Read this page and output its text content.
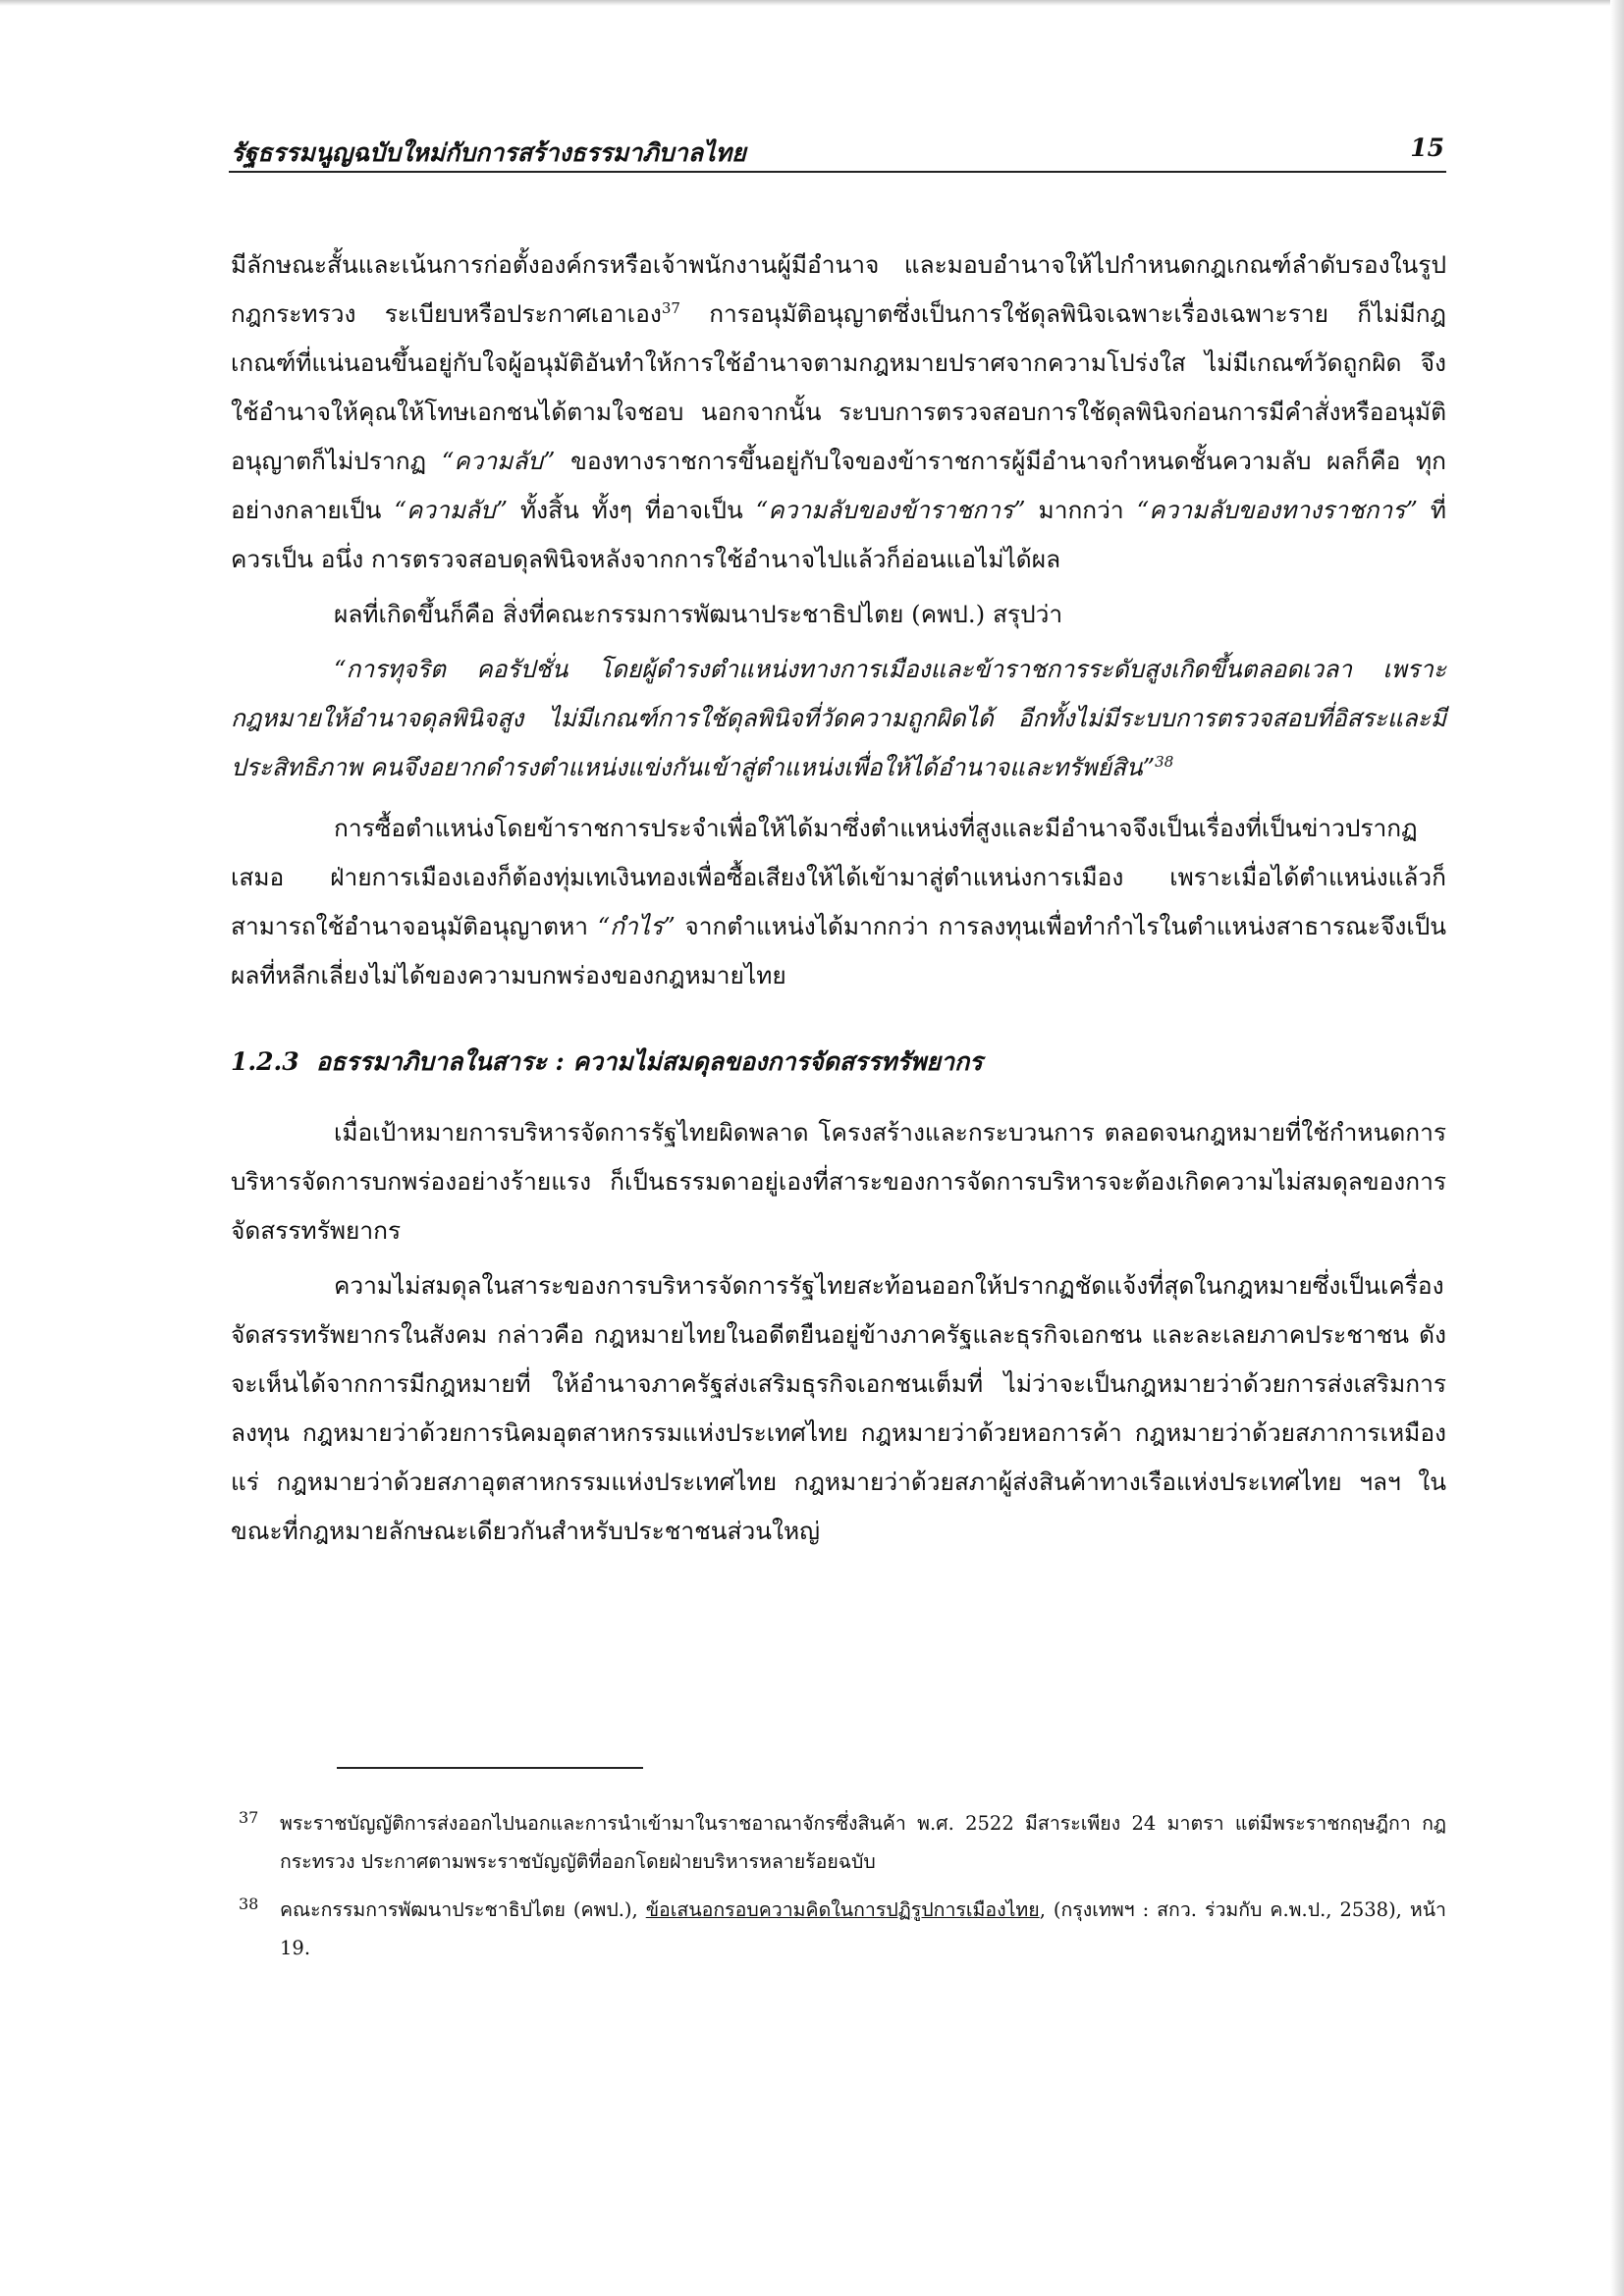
รัฐธรรมนูญฉบับใหม่กับการสร้างธรรมาภิบาลไทย	15

มีลักษณะสั้นและเน้นการก่อตั้งองค์กรหรือเจ้าพนักงานผู้มีอำนาจ และมอบอำนาจให้ไปกำหนดกฎเกณฑ์ลำดับรองในรูปกฎกระทรวง ระเบียบหรือประกาศเอาเอง$^{37}$ การอนุมัติอนุญาตซึ่งเป็นการใช้ดุลพินิจเฉพาะเรื่องเฉพาะราย ก็ไม่มีกฎเกณฑ์ที่แน่นอนขึ้นอยู่กับใจผู้อนุมัติอันทำให้การใช้อำนาจตามกฎหมายปราศจากความโปร่งใส ไม่มีเกณฑ์วัดถูกผิด จึงใช้อำนาจให้คุณให้โทษเอกชนได้ตามใจชอบ นอกจากนั้น ระบบการตรวจสอบการใช้ดุลพินิจก่อนการมีคำสั่งหรืออนุมัติ อนุญาตก็ไม่ปรากฏ “ความลับ” ของทางราชการขึ้นอยู่กับใจของข้าราชการผู้มีอำนาจกำหนดชั้นความลับ ผลก็คือ ทุกอย่างกลายเป็น “ความลับ” ทั้งสิ้น ทั้งๆ ที่อาจเป็น “ความลับของข้าราชการ” มากกว่า “ความลับของทางราชการ” ที่ควรเป็น อนึ่ง การตรวจสอบดุลพินิจหลังจากการใช้อำนาจไปแล้วก็อ่อนแอไม่ได้ผล

ผลที่เกิดขึ้นก็คือ สิ่งที่คณะกรรมการพัฒนาประชาธิปไตย (คพป.) สรุปว่า

“การทุจริต คอรัปชั่น โดยผู้ดำรงตำแหน่งทางการเมืองและข้าราชการระดับสูงเกิดขึ้นตลอดเวลา เพราะกฎหมายให้อำนาจดุลพินิจสูง ไม่มีเกณฑ์การใช้ดุลพินิจที่วัดความถูกผิดได้ อีกทั้งไม่มีระบบการตรวจสอบที่อิสระและมีประสิทธิภาพ คนจึงอยากดำรงตำแหน่งแข่งกันเข้าสู่ตำแหน่งเพื่อให้ได้อำนาจและทรัพย์สิน”$^{38}$

การซื้อตำแหน่งโดยข้าราชการประจำเพื่อให้ได้มาซึ่งตำแหน่งที่สูงและมีอำนาจจึงเป็นเรื่องที่เป็นข่าวปรากฏเสมอ ฝ่ายการเมืองเองก็ต้องทุ่มเทเงินทองเพื่อซื้อเสียงให้ได้เข้ามาสู่ตำแหน่งการเมือง เพราะเมื่อได้ตำแหน่งแล้วก็สามารถใช้อำนาจอนุมัติอนุญาตหา “กำไร” จากตำแหน่งได้มากกว่า การลงทุนเพื่อทำกำไรในตำแหน่งสาธารณะจึงเป็นผลที่หลีกเลี่ยงไม่ได้ของความบกพร่องของกฎหมายไทย

1.2.3 อธรรมาภิบาลในสาระ : ความไม่สมดุลของการจัดสรรทรัพยากร

เมื่อเป้าหมายการบริหารจัดการรัฐไทยผิดพลาด โครงสร้างและกระบวนการ ตลอดจนกฎหมายที่ใช้กำหนดการบริหารจัดการบกพร่องอย่างร้ายแรง ก็เป็นธรรมดาอยู่เองที่สาระของการจัดการบริหารจะต้องเกิดความไม่สมดุลของการจัดสรรทรัพยากร

ความไม่สมดุลในสาระของการบริหารจัดการรัฐไทยสะท้อนออกให้ปรากฏชัดแจ้งที่สุดในกฎหมายซึ่งเป็นเครื่องจัดสรรทรัพยากรในสังคม กล่าวคือ กฎหมายไทยในอดีตยืนอยู่ข้างภาครัฐและธุรกิจเอกชน และละเลยภาคประชาชน ดังจะเห็นได้จากการมีกฎหมายที่ ให้อำนาจภาครัฐส่งเสริมธุรกิจเอกชนเต็มที่ ไม่ว่าจะเป็นกฎหมายว่าด้วยการส่งเสริมการลงทุน กฎหมายว่าด้วยการนิคมอุตสาหกรรมแห่งประเทศไทย กฎหมายว่าด้วยหอการค้า กฎหมายว่าด้วยสภาการเหมืองแร่ กฎหมายว่าด้วยสภาอุตสาหกรรมแห่งประเทศไทย กฎหมายว่าด้วยสภาผู้ส่งสินค้าทางเรือแห่งประเทศไทย ฯลฯ ในขณะที่กฎหมายลักษณะเดียวกันสำหรับประชาชนส่วนใหญ่

37 พระราชบัญญัติการส่งออกไปนอกและการนำเข้ามาในราชอาณาจักรซึ่งสินค้า พ.ศ. 2522 มีสาระเพียง 24 มาตรา แต่มีพระราชกฤษฎีกา กฎกระทรวง ประกาศตามพระราชบัญญัติที่ออกโดยฝ่ายบริหารหลายร้อยฉบับ

38 คณะกรรมการพัฒนาประชาธิปไตย (คพป.), ข้อเสนอกรอบความคิดในการปฏิรูปการเมืองไทย, (กรุงเทพฯ : สกว. ร่วมกับ ค.พ.ป., 2538), หน้า 19.
